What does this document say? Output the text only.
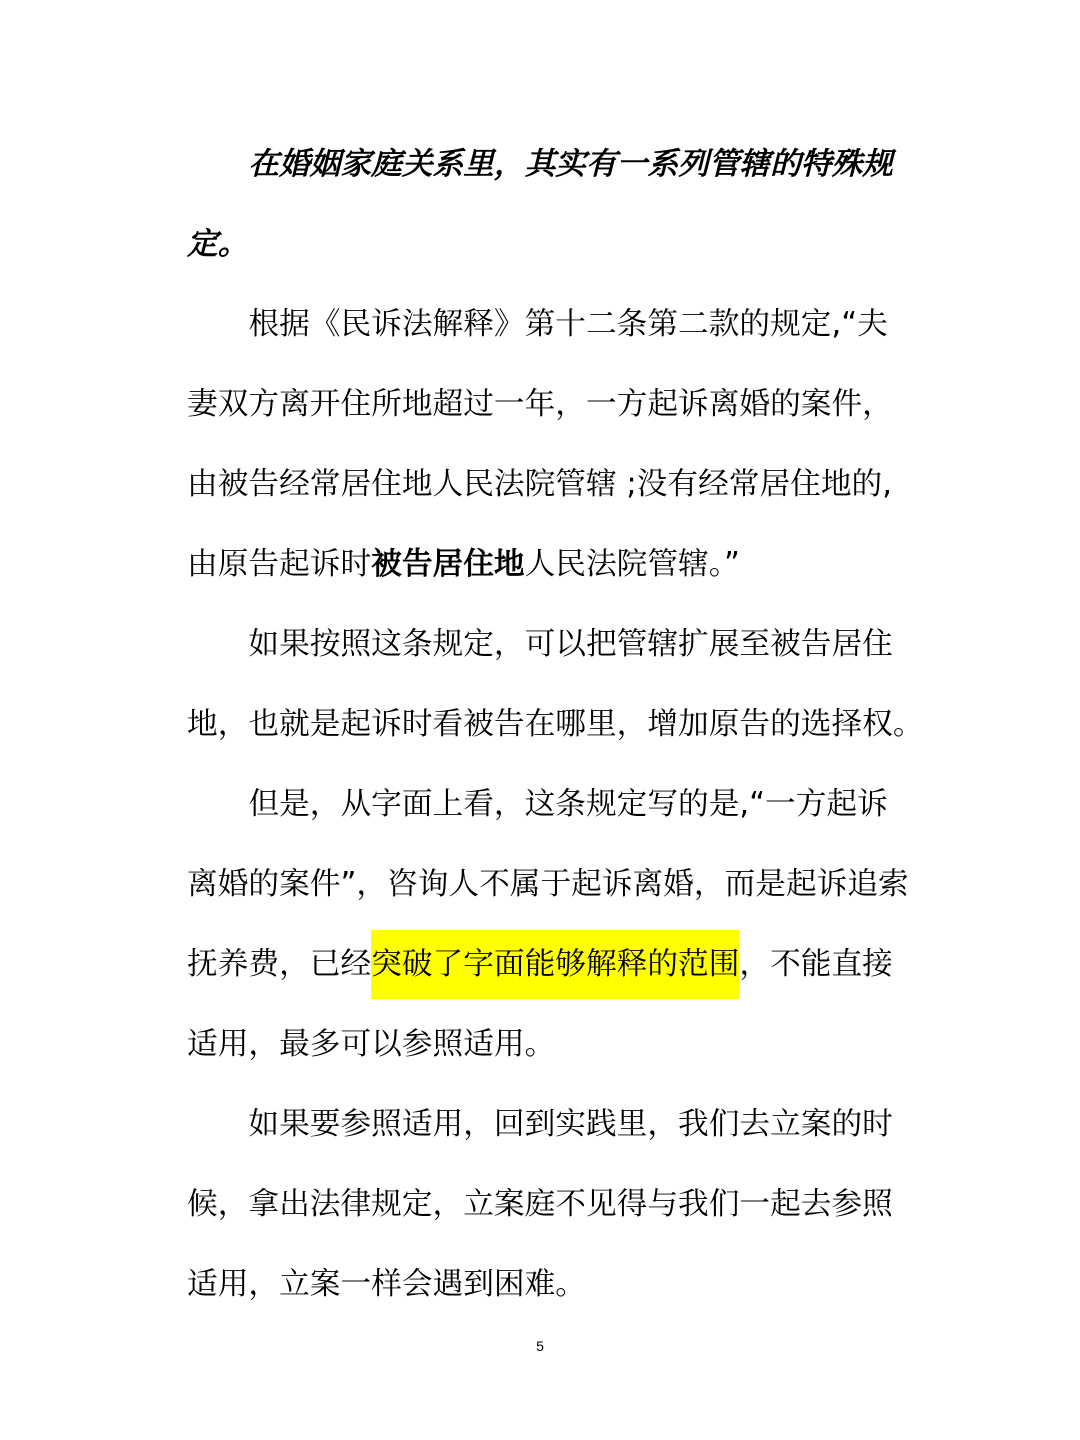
在婚姻家庭关系里，其实有一系列管辖的特殊规
定。
根据《民诉法解释》第十二条第二款的规定,“夫
妻双方离开住所地超过一年，一方起诉离婚的案件，
由被告经常居住地人民法院管辖 ;没有经常居住地的,
由原告起诉时被告居住地人民法院管辖。”
如果按照这条规定，可以把管辖扩展至被告居住
地，也就是起诉时看被告在哪里，增加原告的选择权。
但是，从字面上看，这条规定写的是,“一方起诉
离婚的案件”，咨询人不属于起诉离婚，而是起诉追索
抚养费，已经突破了字面能够解释的范围，不能直接
适用，最多可以参照适用。
如果要参照适用，回到实践里，我们去立案的时
候，拿出法律规定，立案庭不见得与我们一起去参照
适用，立案一样会遇到困难。
5
